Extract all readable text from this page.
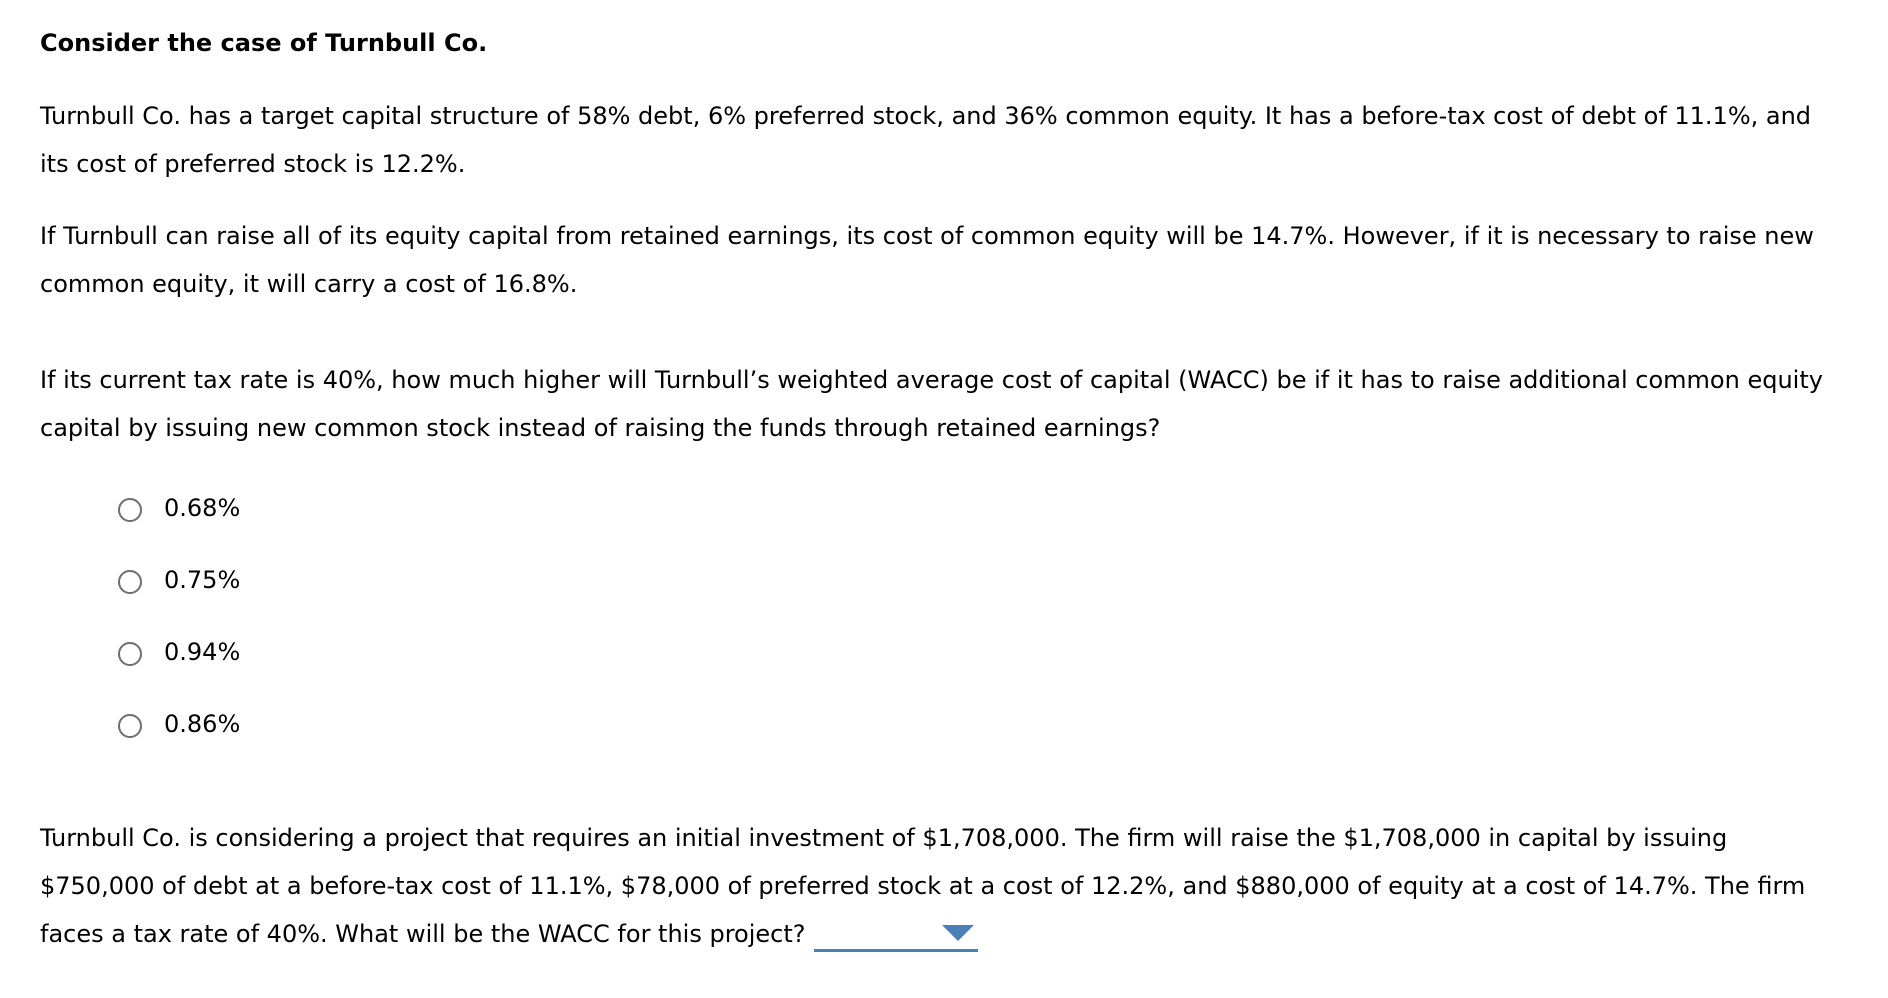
Consider the case of Turnbull Co.

Turnbull Co. has a target capital structure of 58% debt, 6% preferred stock, and 36% common equity. It has a before-tax cost of debt of 11.1%, and
its cost of preferred stock is 12.2%.

If Turnbull can raise all of its equity capital from retained earnings, its cost of common equity will be 14.7%. However, if it is necessary to raise new
common equity, it will carry a cost of 16.8%.

If its current tax rate is 40%, how much higher will Turnbull’s weighted average cost of capital (WACC) be if it has to raise additional common equity
capital by issuing new common stock instead of raising the funds through retained earnings?

0.68%
0.75%
0.94%
0.86%

Turnbull Co. is considering a project that requires an initial investment of $1,708,000. The firm will raise the $1,708,000 in capital by issuing
$750,000 of debt at a before-tax cost of 11.1%, $78,000 of preferred stock at a cost of 12.2%, and $880,000 of equity at a cost of 14.7%. The firm
faces a tax rate of 40%. What will be the WACC for this project?
